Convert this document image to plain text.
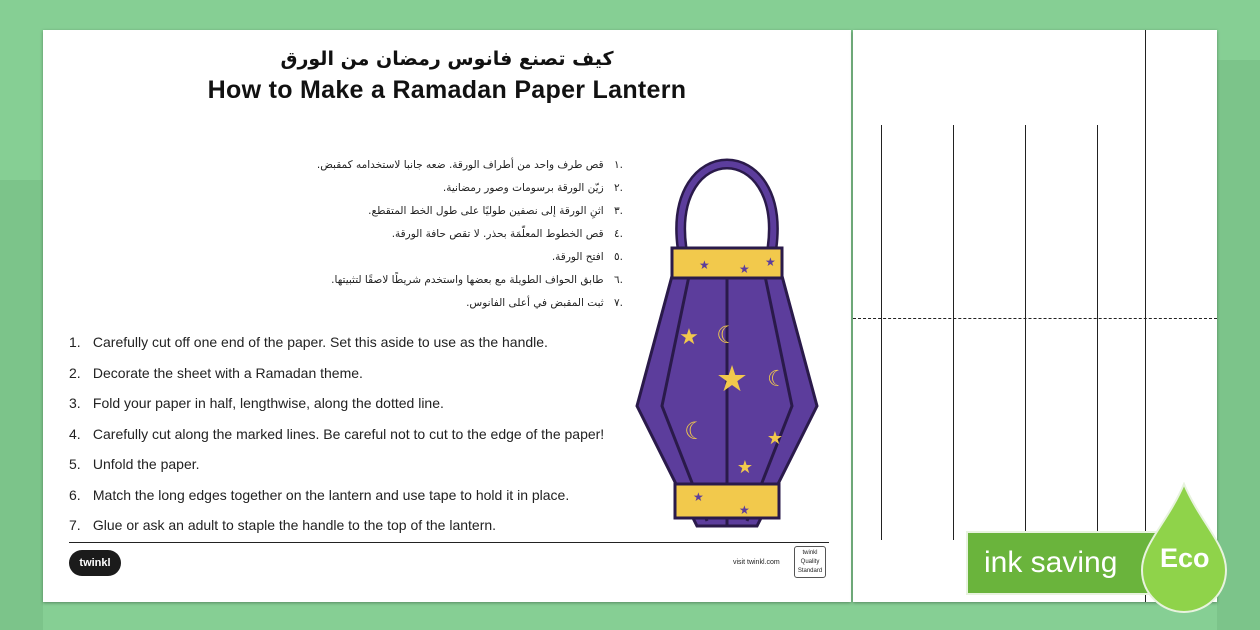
كيف تصنع فانوس رمضان من الورق
How to Make a Ramadan Paper Lantern
.١ قص طرف واحد من أطراف الورقة. ضعه جانبا لاستخدامه كمقبض.
.٢ زيّن الورقة برسومات وصور رمضانية.
.٣ اثنِ الورقة إلى نصفين طوليًا على طول الخط المتقطع.
.٤ قص الخطوط المعلّمَة بحذر. لا تقص حافة الورقة.
.٥ افتح الورقة.
.٦ طابق الحواف الطويلة مع بعضها واستخدم شريطًا لاصقًا لتثبيتها.
.٧ ثبت المقبض في أعلى الفانوس.
1. Carefully cut off one end of the paper. Set this aside to use as the handle.
2. Decorate the sheet with a Ramadan theme.
3. Fold your paper in half, lengthwise, along the dotted line.
4. Carefully cut along the marked lines. Be careful not to cut to the edge of the paper!
5. Unfold the paper.
6. Match the long edges together on the lantern and use tape to hold it in place.
7. Glue or ask an adult to staple the handle to the top of the lantern.
☾
★
★
☾
☾	★
★
★ ★ ★
★
★
twinkl	visit twinkl.com
twinkl
Quality Standard	ink saving	Eco
